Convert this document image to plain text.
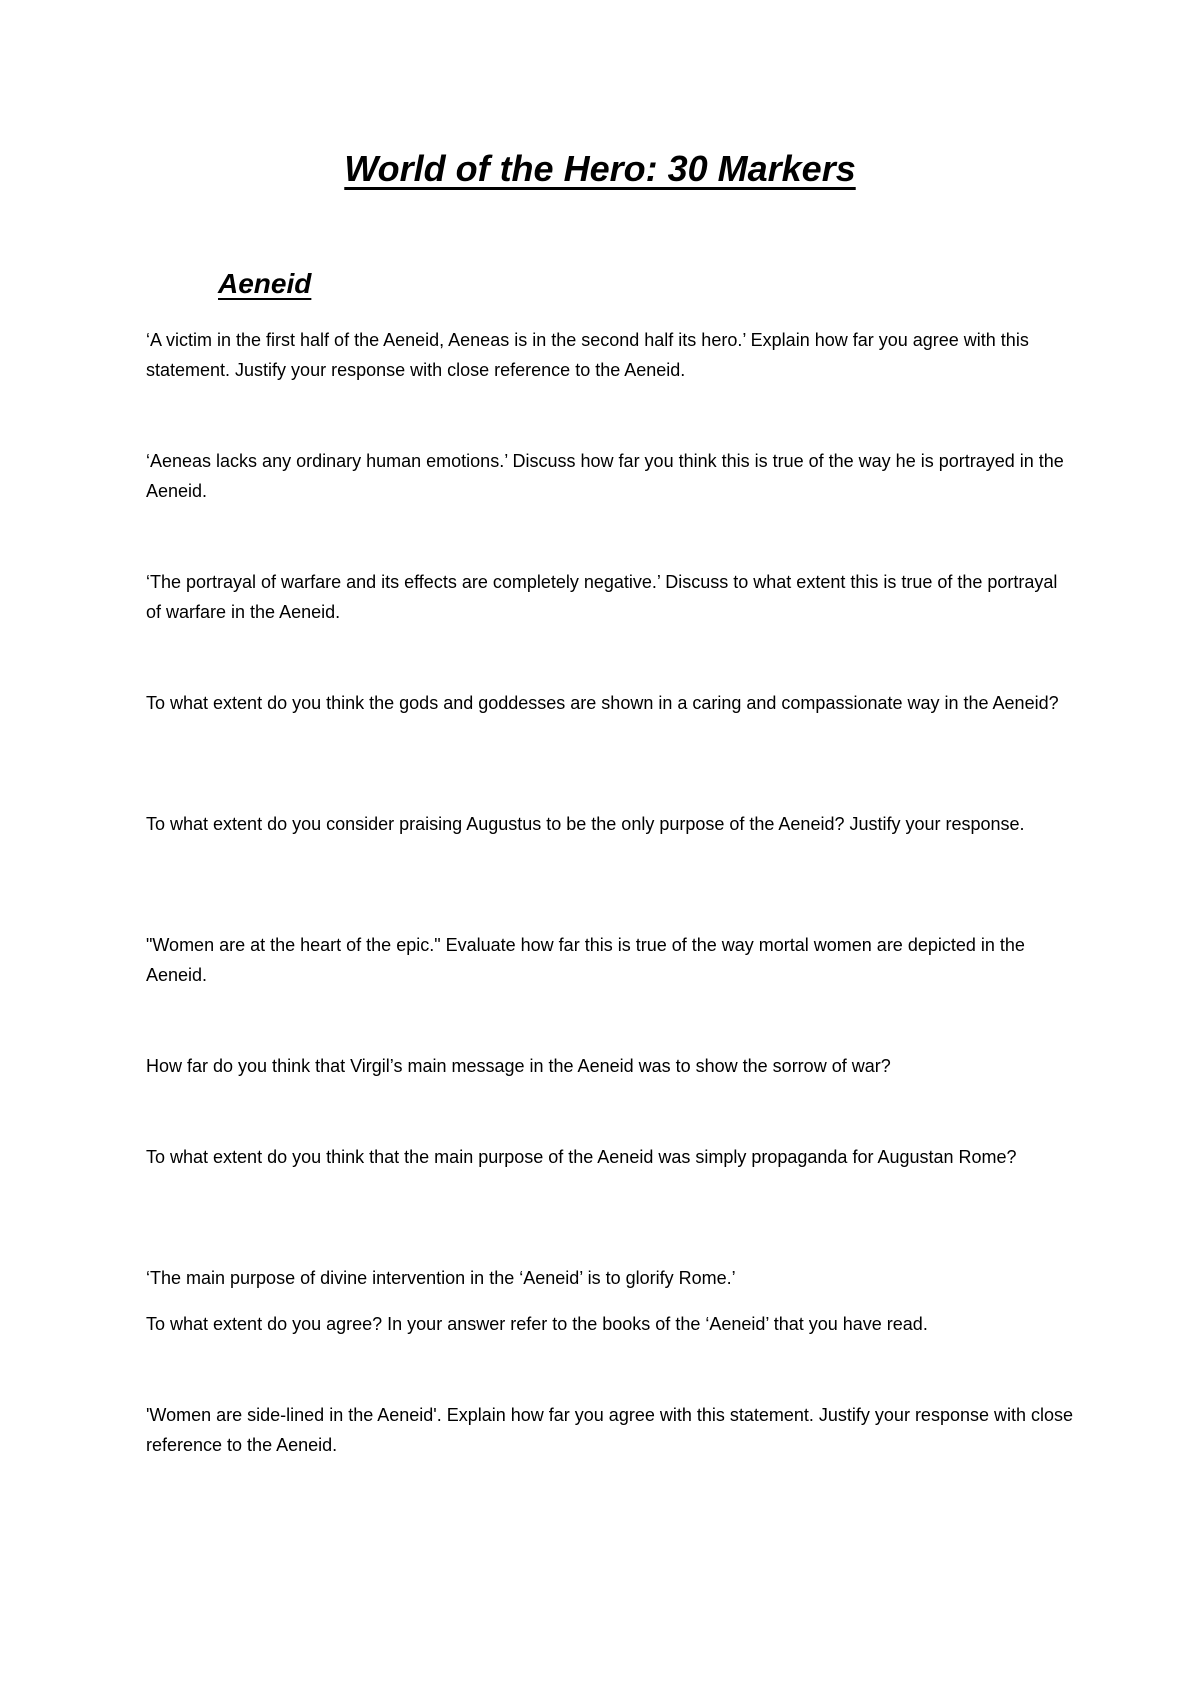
World of the Hero: 30 Markers
Aeneid

‘A victim in the first half of the Aeneid, Aeneas is in the second half its hero.’ Explain how far you agree with this statement. Justify your response with close reference to the Aeneid.

‘Aeneas lacks any ordinary human emotions.’ Discuss how far you think this is true of the way he is portrayed in the Aeneid.

‘The portrayal of warfare and its effects are completely negative.’ Discuss to what extent this is true of the portrayal of warfare in the Aeneid.

To what extent do you think the gods and goddesses are shown in a caring and compassionate way in the Aeneid?

To what extent do you consider praising Augustus to be the only purpose of the Aeneid? Justify your response.

"Women are at the heart of the epic." Evaluate how far this is true of the way mortal women are depicted in the Aeneid.

How far do you think that Virgil’s main message in the Aeneid was to show the sorrow of war?

To what extent do you think that the main purpose of the Aeneid was simply propaganda for Augustan Rome?

‘The main purpose of divine intervention in the ‘Aeneid’ is to glorify Rome.’

To what extent do you agree? In your answer refer to the books of the ‘Aeneid’ that you have read.

'Women are side-lined in the Aeneid'. Explain how far you agree with this statement. Justify your response with close reference to the Aeneid.
